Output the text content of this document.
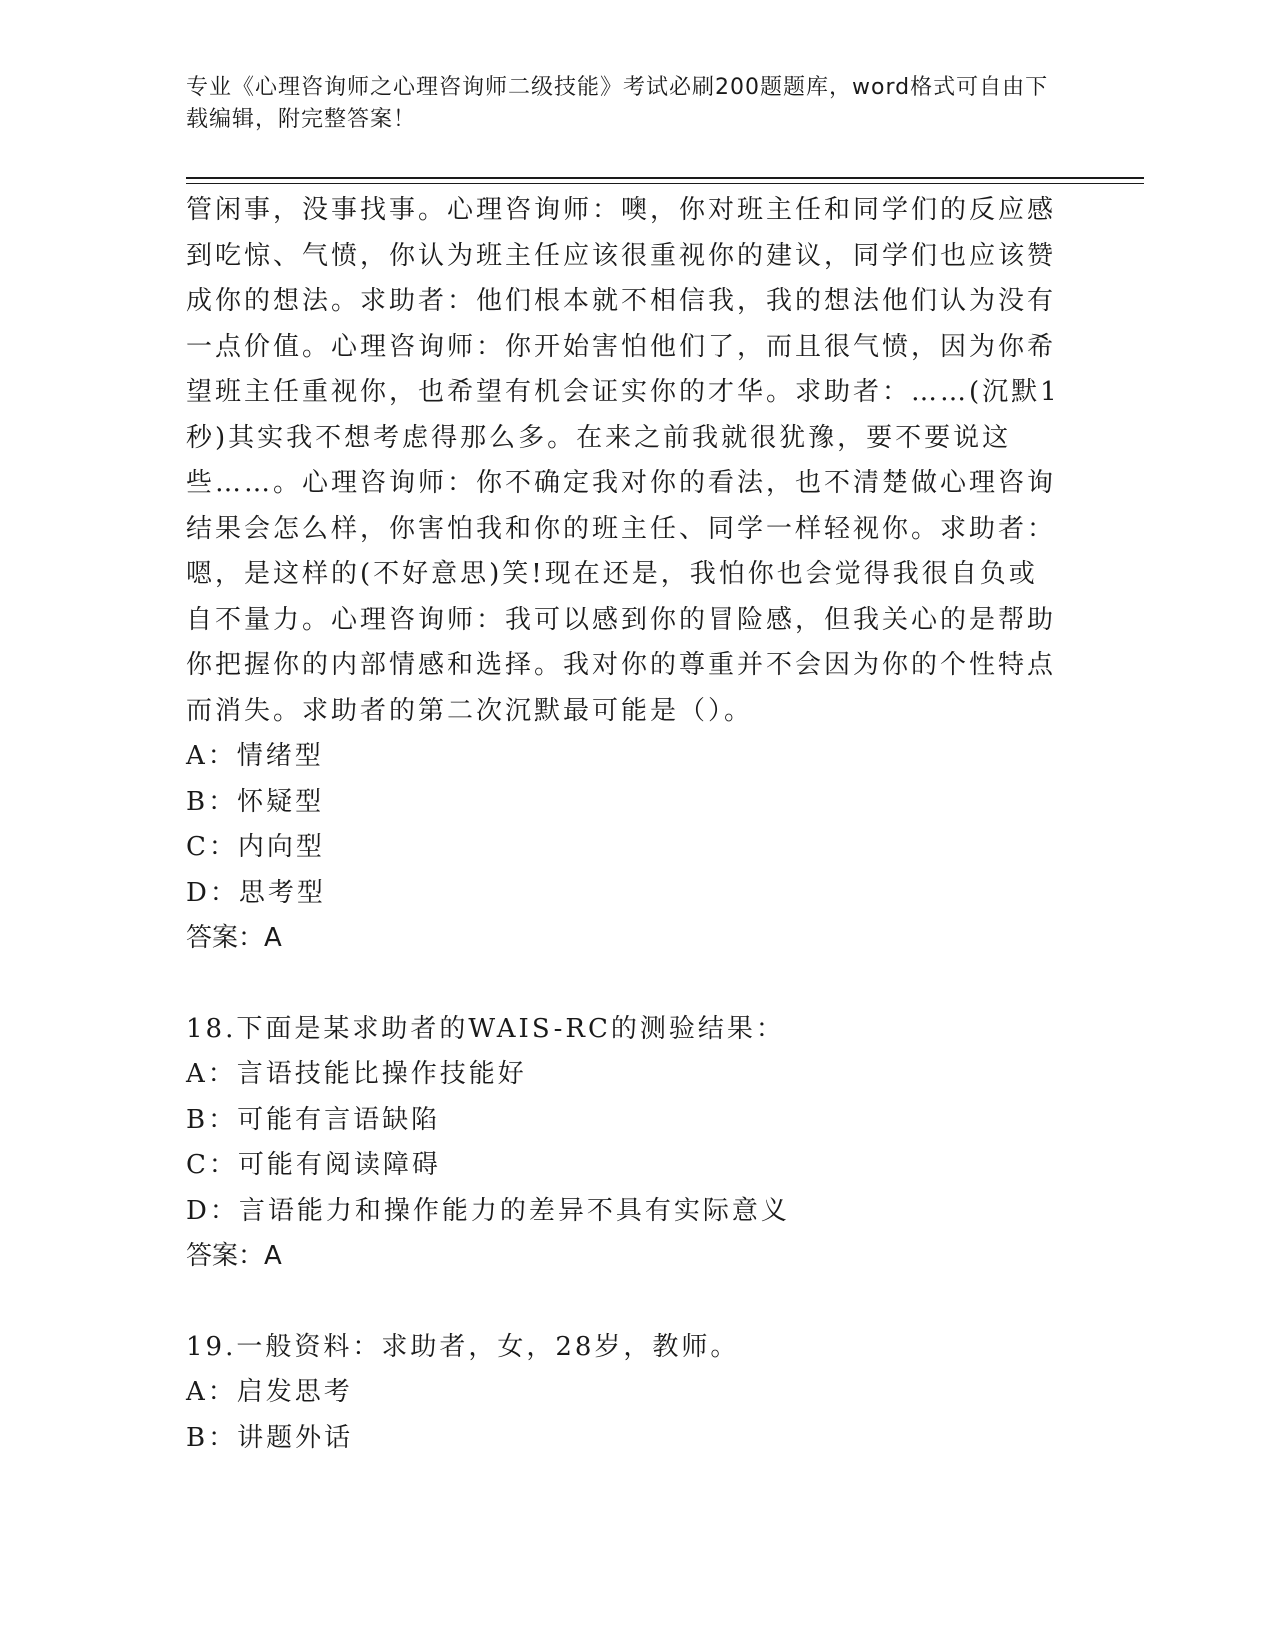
专业《心理咨询师之心理咨询师二级技能》考试必刷200题题库，word格式可自由下载编辑，附完整答案！

管闲事，没事找事。心理咨询师：噢，你对班主任和同学们的反应感到吃惊、气愤，你认为班主任应该很重视你的建议，同学们也应该赞成你的想法。求助者：他们根本就不相信我，我的想法他们认为没有一点价值。心理咨询师：你开始害怕他们了，而且很气愤，因为你希望班主任重视你，也希望有机会证实你的才华。求助者：……(沉默1秒)其实我不想考虑得那么多。在来之前我就很犹豫，要不要说这些……。心理咨询师：你不确定我对你的看法，也不清楚做心理咨询结果会怎么样，你害怕我和你的班主任、同学一样轻视你。求助者：嗯，是这样的(不好意思)笑!现在还是，我怕你也会觉得我很自负或自不量力。心理咨询师：我可以感到你的冒险感，但我关心的是帮助你把握你的内部情感和选择。我对你的尊重并不会因为你的个性特点而消失。求助者的第二次沉默最可能是（）。

A：情绪型

B：怀疑型

C：内向型

D：思考型

答案：A

18.下面是某求助者的WAIS-RC的测验结果：

A：言语技能比操作技能好

B：可能有言语缺陷

C：可能有阅读障碍

D：言语能力和操作能力的差异不具有实际意义

答案：A

19.一般资料：求助者，女，28岁，教师。

A：启发思考

B：讲题外话
